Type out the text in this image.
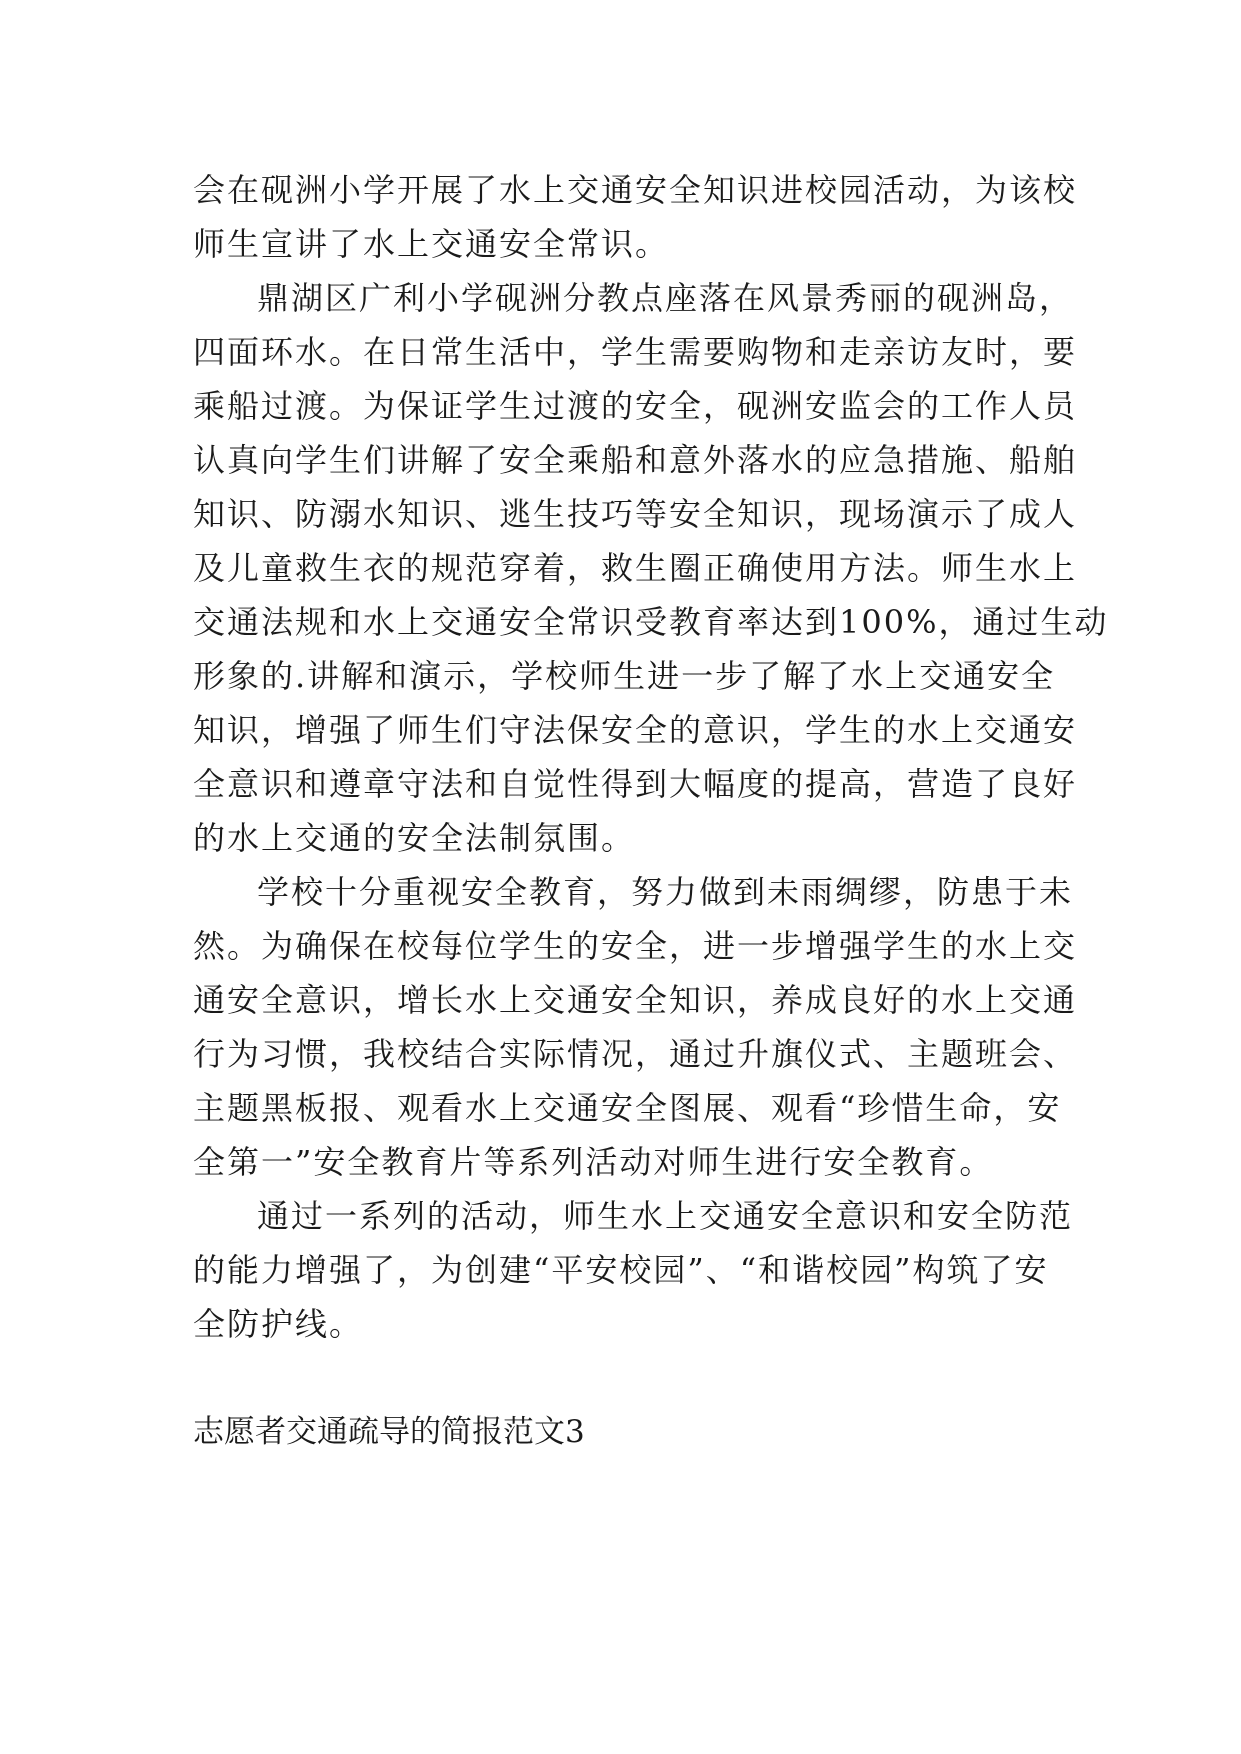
会在砚洲小学开展了水上交通安全知识进校园活动，为该校
师生宣讲了水上交通安全常识。
鼎湖区广利小学砚洲分教点座落在风景秀丽的砚洲岛，
四面环水。在日常生活中，学生需要购物和走亲访友时，要
乘船过渡。为保证学生过渡的安全，砚洲安监会的工作人员
认真向学生们讲解了安全乘船和意外落水的应急措施、船舶
知识、防溺水知识、逃生技巧等安全知识，现场演示了成人
及儿童救生衣的规范穿着，救生圈正确使用方法。师生水上
交通法规和水上交通安全常识受教育率达到100%，通过生动
形象的.讲解和演示，学校师生进一步了解了水上交通安全
知识，增强了师生们守法保安全的意识，学生的水上交通安
全意识和遵章守法和自觉性得到大幅度的提高，营造了良好
的水上交通的安全法制氛围。
学校十分重视安全教育，努力做到未雨绸缪，防患于未
然。为确保在校每位学生的安全，进一步增强学生的水上交
通安全意识，增长水上交通安全知识，养成良好的水上交通
行为习惯，我校结合实际情况，通过升旗仪式、主题班会、
主题黑板报、观看水上交通安全图展、观看“珍惜生命，安
全第一”安全教育片等系列活动对师生进行安全教育。
通过一系列的活动，师生水上交通安全意识和安全防范
的能力增强了，为创建“平安校园”、“和谐校园”构筑了安
全防护线。
志愿者交通疏导的简报范文3
